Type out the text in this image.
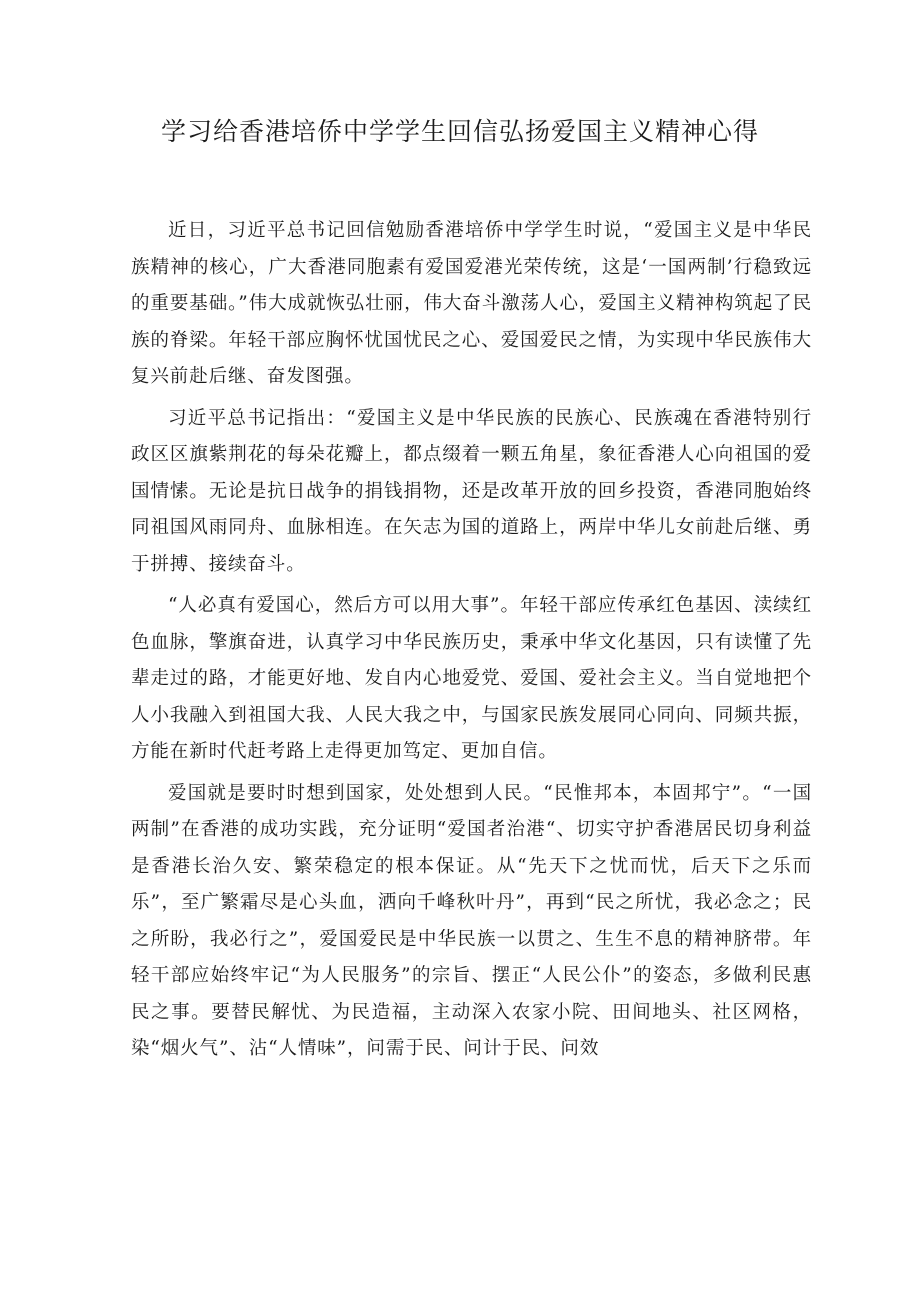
学习给香港培侨中学学生回信弘扬爱国主义精神心得

近日，习近平总书记回信勉励香港培侨中学学生时说，“爱国主义是中华民族精神的核心，广大香港同胞素有爱国爱港光荣传统，这是‘一国两制’行稳致远的重要基础。”伟大成就恢弘壮丽，伟大奋斗激荡人心，爱国主义精神构筑起了民族的脊梁。年轻干部应胸怀忧国忧民之心、爱国爱民之情，为实现中华民族伟大复兴前赴后继、奋发图强。

习近平总书记指出：“爱国主义是中华民族的民族心、民族魂在香港特别行政区区旗紫荆花的每朵花瓣上，都点缀着一颗五角星，象征香港人心向祖国的爱国情愫。无论是抗日战争的捐钱捐物，还是改革开放的回乡投资，香港同胞始终同祖国风雨同舟、血脉相连。在矢志为国的道路上，两岸中华儿女前赴后继、勇于拼搏、接续奋斗。

“人必真有爱国心，然后方可以用大事”。年轻干部应传承红色基因、渎续红色血脉，擎旗奋进，认真学习中华民族历史，秉承中华文化基因，只有读懂了先辈走过的路，才能更好地、发自内心地爱党、爱国、爱社会主义。当自觉地把个人小我融入到祖国大我、人民大我之中，与国家民族发展同心同向、同频共振，方能在新时代赶考路上走得更加笃定、更加自信。

爱国就是要时时想到国家，处处想到人民。“民惟邦本，本固邦宁”。“一国两制”在香港的成功实践，充分证明“爱国者治港“、切实守护香港居民切身利益是香港长治久安、繁荣稳定的根本保证。从“先天下之忧而忧，后天下之乐而乐”，至广繁霜尽是心头血，洒向千峰秋叶丹”，再到“民之所忧，我必念之；民之所盼，我必行之”，爱国爱民是中华民族一以贯之、生生不息的精神脐带。年轻干部应始终牢记“为人民服务”的宗旨、摆正“人民公仆”的姿态，多做利民惠民之事。要替民解忧、为民造福，主动深入农家小院、田间地头、社区网格，染“烟火气”、沾“人情味”，问需于民、问计于民、问效
